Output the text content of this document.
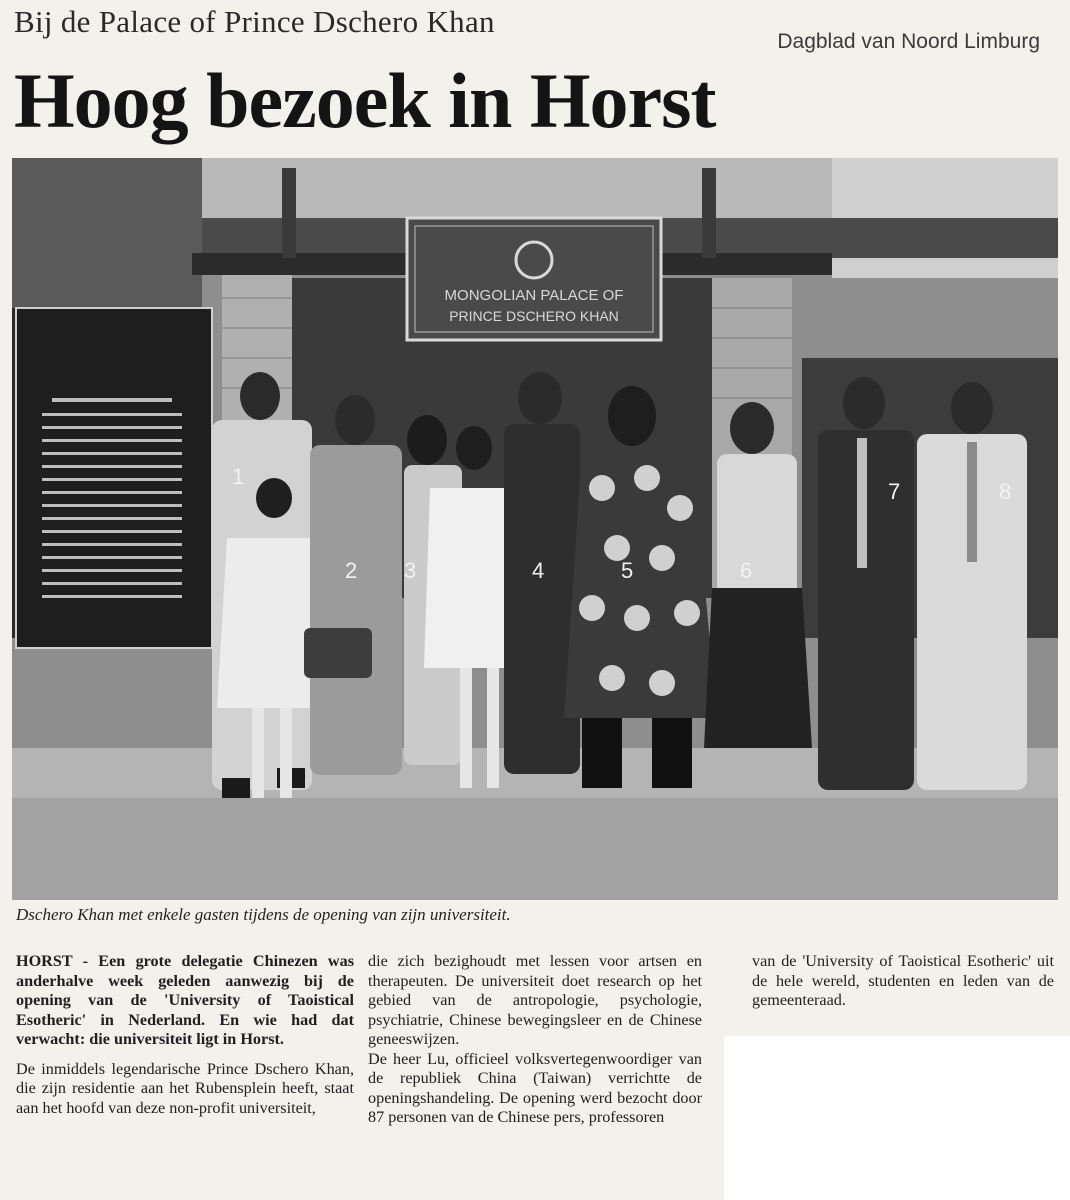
Bij de Palace of Prince Dschero Khan
Dagblad van Noord Limburg
Hoog bezoek in Horst
MONGOLIAN PALACE OF
PRINCE DSCHERO KHAN
1
2 3	4	5	6
7	8
Dschero Khan met enkele gasten tijdens de opening van zijn universiteit.

HORST - Een grote delegatie Chinezen was anderhalve week geleden aanwezig bij de opening van de 'University of Taoistical Esotheric' in Nederland. En wie had dat verwacht: die universiteit ligt in Horst.

De inmiddels legendarische Prince Dschero Khan, die zijn residentie aan het Rubensplein heeft, staat aan het hoofd van deze non-profit universiteit,

die zich bezighoudt met lessen voor artsen en therapeuten. De universiteit doet research op het gebied van de antropologie, psychologie, psychiatrie, Chinese bewegingsleer en de Chinese geneeswijzen.

De heer Lu, officieel volksvertegenwoordiger van de republiek China (Taiwan) verrichtte de openingshandeling. De opening werd bezocht door 87 personen van de Chinese pers, professoren

van de 'University of Taoistical Esotheric' uit de hele wereld, studenten en leden van de gemeenteraad.
